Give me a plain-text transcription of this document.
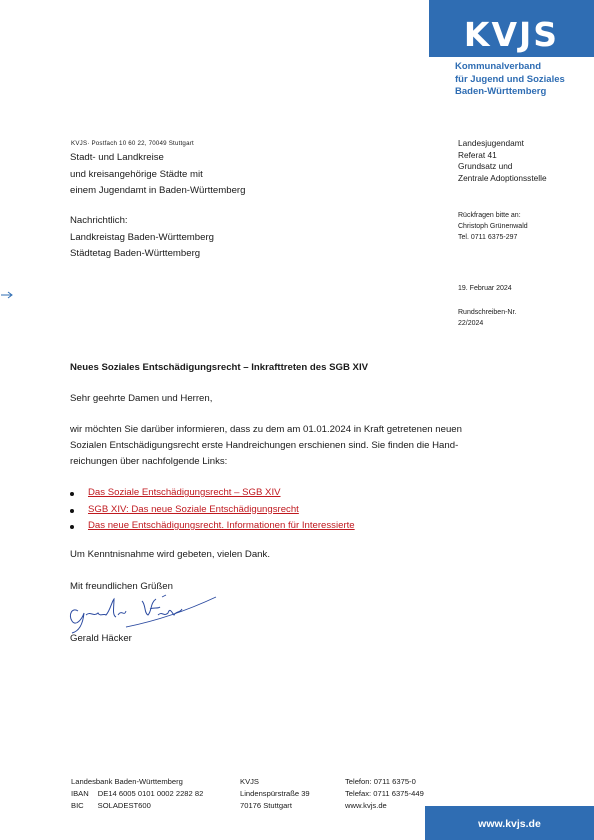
KVJS
Kommunalverband
für Jugend und Soziales
Baden-Württemberg
KVJS· Postfach 10 60 22, 70049 Stuttgart
Stadt- und Landkreise
und kreisangehörige Städte mit
einem Jugendamt in Baden-Württemberg
Nachrichtlich:
Landkreistag Baden-Württemberg
Städtetag Baden-Württemberg
Landesjugendamt
Referat 41
Grundsatz und
Zentrale Adoptionsstelle
Rückfragen bitte an:
Christoph Grünenwald
Tel. 0711 6375-297
19. Februar 2024
Rundschreiben-Nr.
22/2024
Neues Soziales Entschädigungsrecht – Inkrafttreten des SGB XIV
Sehr geehrte Damen und Herren,
wir möchten Sie darüber informieren, dass zu dem am 01.01.2024 in Kraft getretenen neuen
Sozialen Entschädigungsrecht erste Handreichungen erschienen sind. Sie finden die Hand-
reichungen über nachfolgende Links:
Das Soziale Entschädigungsrecht – SGB XIV
SGB XIV: Das neue Soziale Entschädigungsrecht
Das neue Entschädigungsrecht. Informationen für Interessierte
Um Kenntnisnahme wird gebeten, vielen Dank.
Mit freundlichen Grüßen
Gerald Häcker
Landesbank Baden-Württemberg
IBAN DE14 6005 0101 0002 2282 82
BIC SOLADEST600
KVJS
Lindenspürstraße 39
70176 Stuttgart
Telefon: 0711 6375-0
Telefax: 0711 6375-449
www.kvjs.de
www.kvjs.de
